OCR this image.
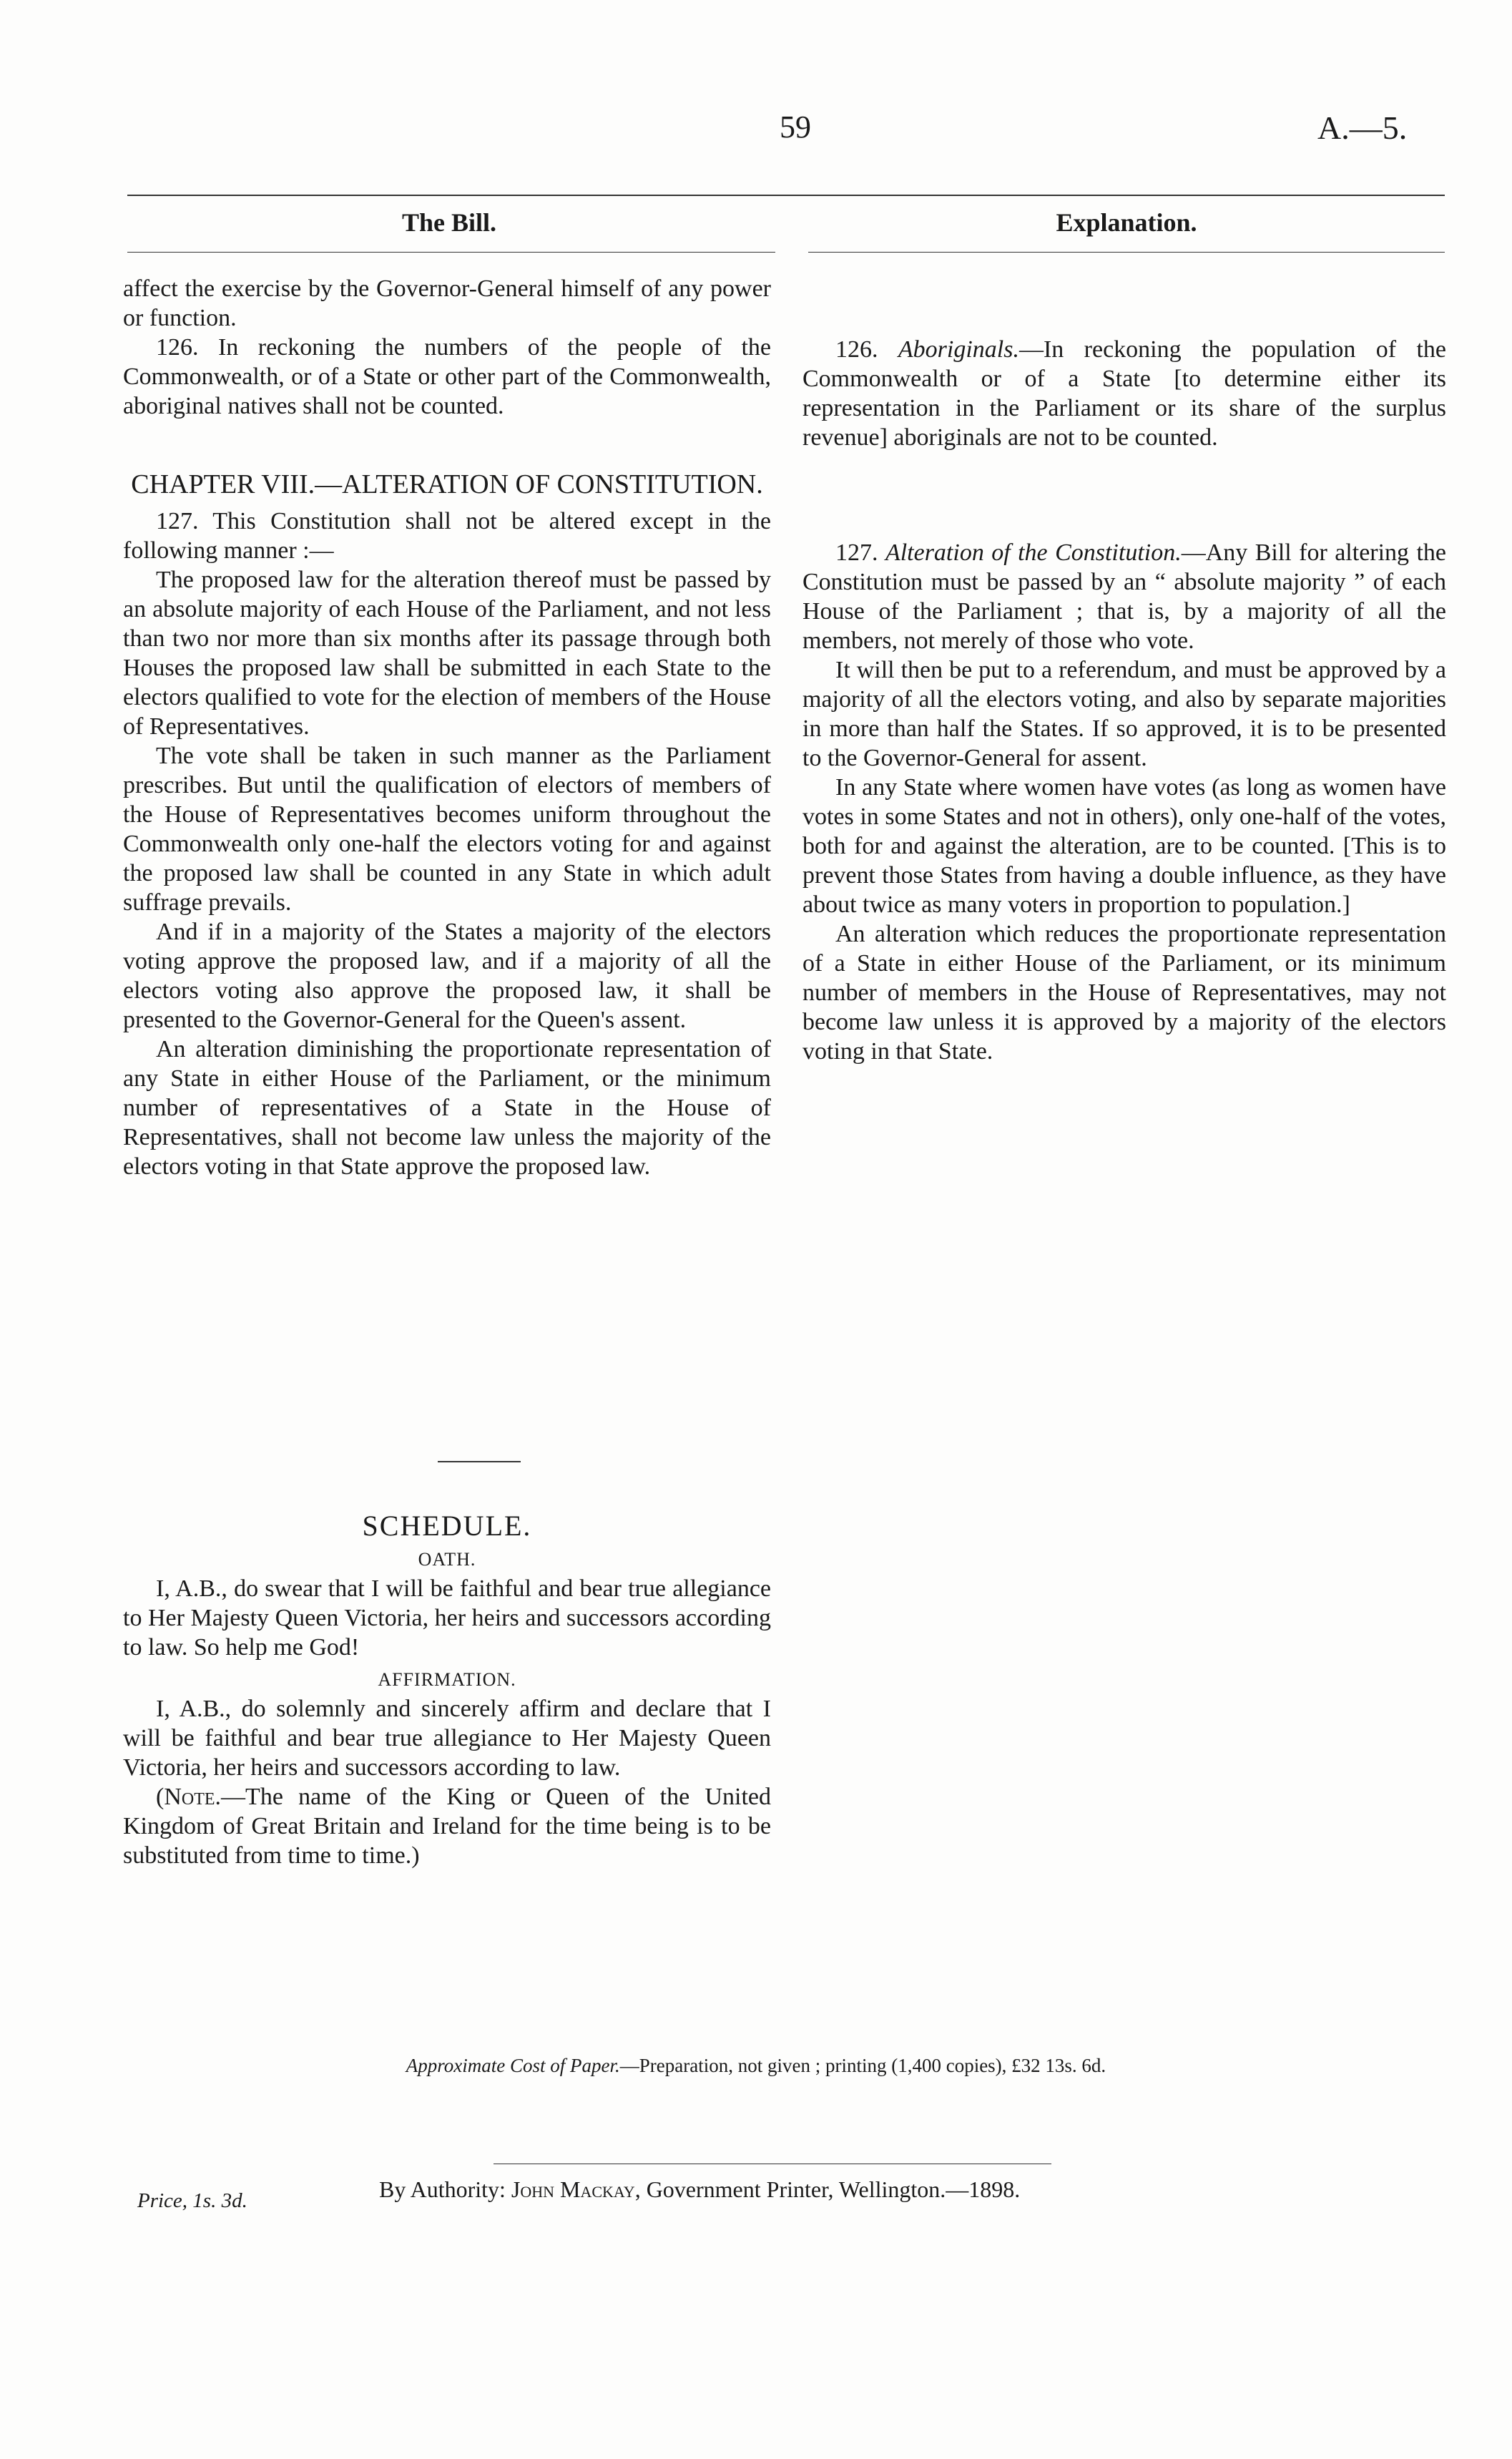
59	A.—5.
The Bill.	Explanation.

affect the exercise by the Governor-General himself of any power or function.

126. In reckoning the numbers of the people of the Commonwealth, or of a State or other part of the Commonwealth, aboriginal natives shall not be counted.

CHAPTER VIII.—ALTERATION OF CONSTITUTION.

127. This Constitution shall not be altered except in the following manner :—

The proposed law for the alteration thereof must be passed by an absolute majority of each House of the Parliament, and not less than two nor more than six months after its passage through both Houses the proposed law shall be submitted in each State to the electors qualified to vote for the election of members of the House of Representatives.

The vote shall be taken in such manner as the Parliament prescribes. But until the qualification of electors of members of the House of Representatives becomes uniform throughout the Commonwealth only one-half the electors voting for and against the proposed law shall be counted in any State in which adult suffrage prevails.

And if in a majority of the States a majority of the electors voting approve the proposed law, and if a majority of all the electors voting also approve the proposed law, it shall be presented to the Governor-General for the Queen's assent.

An alteration diminishing the proportionate representation of any State in either House of the Parliament, or the minimum number of representatives of a State in the House of Representatives, shall not become law unless the majority of the electors voting in that State approve the proposed law.

126. Aboriginals.—In reckoning the population of the Commonwealth or of a State [to determine either its representation in the Parliament or its share of the surplus revenue] aboriginals are not to be counted.

127. Alteration of the Constitution.—Any Bill for altering the Constitution must be passed by an “ absolute majority ” of each House of the Parliament ; that is, by a majority of all the members, not merely of those who vote.

It will then be put to a referendum, and must be approved by a majority of all the electors voting, and also by separate majorities in more than half the States. If so approved, it is to be presented to the Governor-General for assent.

In any State where women have votes (as long as women have votes in some States and not in others), only one-half of the votes, both for and against the alteration, are to be counted. [This is to prevent those States from having a double influence, as they have about twice as many voters in proportion to population.]

An alteration which reduces the proportionate representation of a State in either House of the Parliament, or its minimum number of members in the House of Representatives, may not become law unless it is approved by a majority of the electors voting in that State.

SCHEDULE.

OATH.

I, A.B., do swear that I will be faithful and bear true allegiance to Her Majesty Queen Victoria, her heirs and successors according to law. So help me God!

AFFIRMATION.

I, A.B., do solemnly and sincerely affirm and declare that I will be faithful and bear true allegiance to Her Majesty Queen Victoria, her heirs and successors according to law.

(Note.—The name of the King or Queen of the United Kingdom of Great Britain and Ireland for the time being is to be substituted from time to time.)

Approximate Cost of Paper.—Preparation, not given ; printing (1,400 copies), £32 13s. 6d.
By Authority: John Mackay, Government Printer, Wellington.—1898.
Price, 1s. 3d.
